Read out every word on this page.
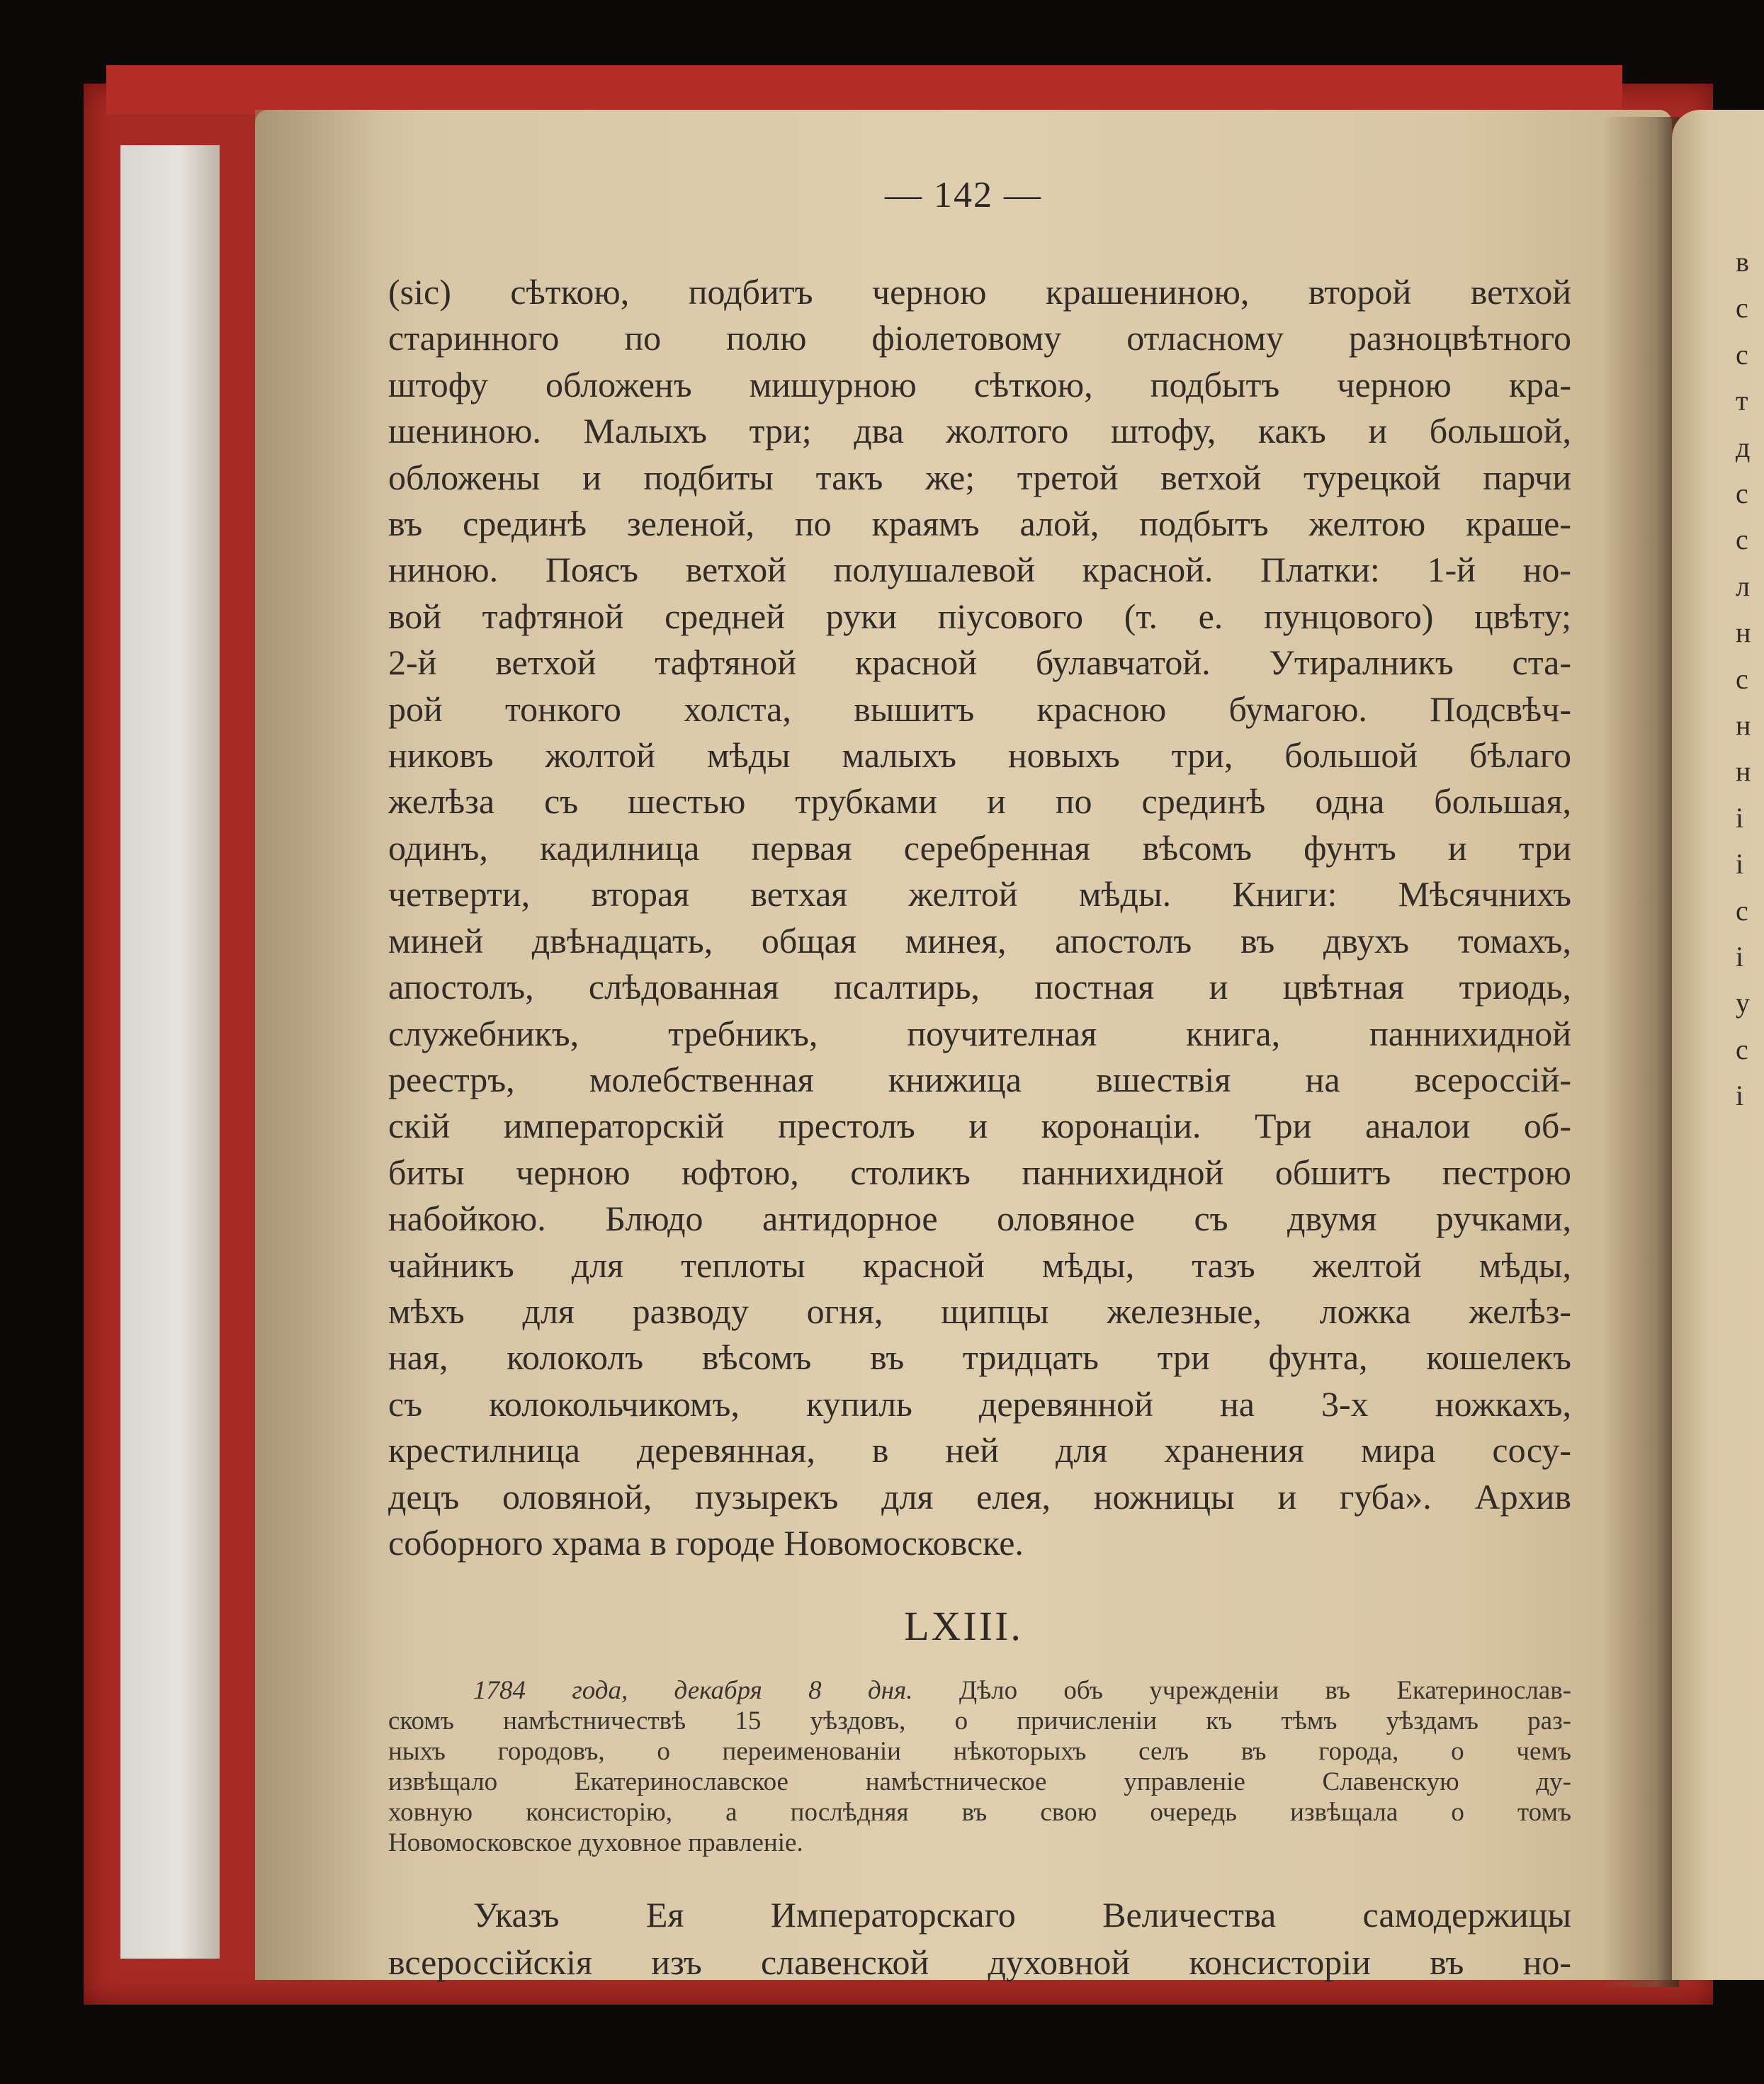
в
с
с
т
д
с
с
л
н
с
н
н
і
і
с
і
у
с
і
— 142 —
(sic) сѣткою, подбитъ черною крашениною, второй ветхой
старинного по полю фіолетовому отласному разноцвѣтного
штофу обложенъ мишурною сѣткою, подбытъ черною кра-
шениною. Малыхъ три; два жолтого штофу, какъ и большой,
обложены и подбиты такъ же; третой ветхой турецкой парчи
въ срединѣ зеленой, по краямъ алой, подбытъ желтою краше-
ниною. Поясъ ветхой полушалевой красной. Платки: 1-й но-
вой тафтяной средней руки піусового (т. е. пунцового) цвѣту;
2-й ветхой тафтяной красной булавчатой. Утиралникъ ста-
рой тонкого холста, вышитъ красною бумагою. Подсвѣч-
никовъ жолтой мѣды малыхъ новыхъ три, большой бѣлаго
желѣза съ шестью трубками и по срединѣ одна большая,
одинъ, кадилница первая серебренная вѣсомъ фунтъ и три
четверти, вторая ветхая желтой мѣды. Книги: Мѣсячнихъ
миней двѣнадцать, общая минея, апостолъ въ двухъ томахъ,
апостолъ, слѣдованная псалтирь, постная и цвѣтная триодь,
служебникъ, требникъ, поучителная книга, паннихидной
реестръ, молебственная книжица вшествія на всероссій-
скій императорскій престолъ и коронаціи. Три аналои об-
биты черною юфтою, столикъ паннихидной обшитъ пестрою
набойкою. Блюдо антидорное оловяное съ двумя ручками,
чайникъ для теплоты красной мѣды, тазъ желтой мѣды,
мѣхъ для разводу огня, щипцы железные, ложка желѣз-
ная, колоколъ вѣсомъ въ тридцать три фунта, кошелекъ
съ колокольчикомъ, купиль деревянной на 3-х ножкахъ,
крестилница деревянная, в ней для хранения мира сосу-
децъ оловяной, пузырекъ для елея, ножницы и губа». Архив
соборного храма в городе Новомосковске.
LXIII.
1784 года, декабря 8 дня. Дѣло объ учрежденіи въ Екатеринослав-
скомъ намѣстничествѣ 15 уѣздовъ, о причисленіи къ тѣмъ уѣздамъ раз-
ныхъ городовъ, о переименованіи нѣкоторыхъ селъ въ города, о чемъ
извѣщало Екатеринославское намѣстническое управленіе Славенскую ду-
ховную консисторію, а послѣдняя въ свою очередь извѣщала о томъ
Новомосковское духовное правленіе.
Указъ Ея Императорскаго Величества самодержицы
всероссійскія изъ славенской духовной консисторіи въ но-
